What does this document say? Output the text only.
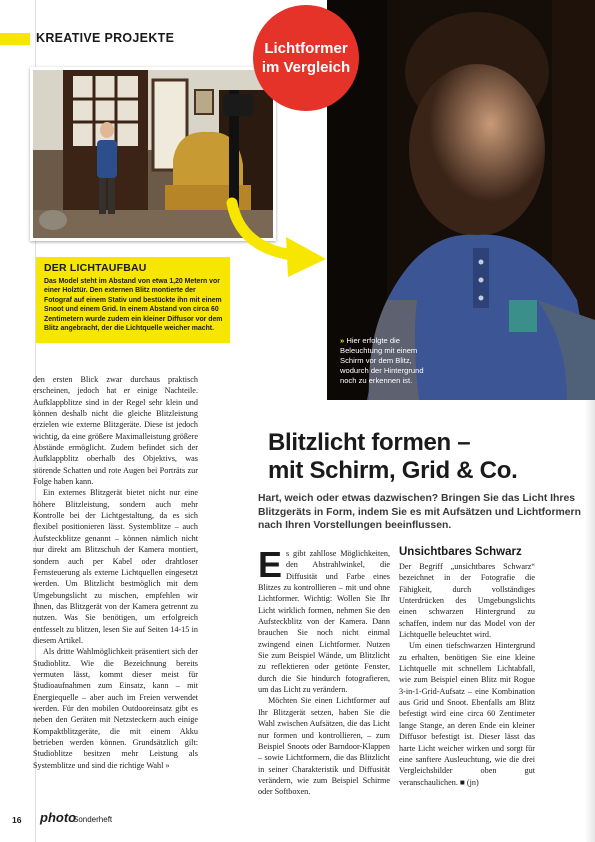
KREATIVE PROJEKTE
» Hier erfolgte die Beleuchtung mit einem Schirm vor dem Blitz, wodurch der Hintergrund noch zu erkennen ist.
Lichtformer
im Vergleich
DER LICHTAUFBAU
Das Model steht im Abstand von etwa 1,20 Metern vor einer Holztür. Den externen Blitz montierte der Fotograf auf einem Stativ und bestückte ihn mit einem Snoot und einem Grid. In einem Abstand von circa 60 Zentimetern wurde zudem ein kleiner Diffusor vor dem Blitz angebracht, der die Lichtquelle weicher macht.

den ersten Blick zwar durchaus praktisch erscheinen, jedoch hat er einige Nachteile. Aufklappblitze sind in der Regel sehr klein und können deshalb nicht die gleiche Blitzleistung erzielen wie externe Blitzgeräte. Diese ist jedoch wichtig, da eine größere Maximalleistung größere Abstände ermöglicht. Zudem befindet sich der Aufklappblitz oberhalb des Objektivs, was störende Schatten und rote Augen bei Porträts zur Folge haben kann.

Ein externes Blitzgerät bietet nicht nur eine höhere Blitzleistung, sondern auch mehr Kontrolle bei der Lichtgestaltung, da es sich flexibel positionieren lässt. Systemblitze – auch Aufsteckblitze genannt – können nämlich nicht nur direkt am Blitzschuh der Kamera montiert, sondern auch per Kabel oder drahtloser Fernsteuerung als externe Lichtquellen eingesetzt werden. Um Blitzlicht bestmöglich mit dem Umgebungslicht zu mischen, empfehlen wir Ihnen, das Blitzgerät von der Kamera getrennt zu nutzen. Was Sie benötigen, um erfolgreich entfesselt zu blitzen, lesen Sie auf Seiten 14-15 in diesem Artikel.

Als dritte Wahlmöglichkeit präsentiert sich der Studioblitz. Wie die Bezeichnung bereits vermuten lässt, kommt dieser meist für Studioaufnahmen zum Einsatz, kann – mit Energiequelle – aber auch im Freien verwendet werden. Für den mobilen Outdooreinsatz gibt es neben den Geräten mit Netzsteckern auch einige Kompaktblitzgeräte, die mit einem Akku betrieben werden können. Grundsätzlich gilt: Studioblitze besitzen mehr Leistung als Systemblitze und sind die richtige Wahl »

Blitzlicht formen –
mit Schirm, Grid & Co.
Hart, weich oder etwas dazwischen? Bringen Sie das Licht Ihres Blitzgeräts in Form, indem Sie es mit Aufsätzen und Lichtformern nach Ihren Vorstellungen beeinflussen.

Es gibt zahllose Möglichkeiten, den Abstrahlwinkel, die Diffusität und Farbe eines Blitzes zu kontrollieren – mit und ohne Lichtformer. Wichtig: Wollen Sie Ihr Licht wirklich formen, nehmen Sie den Aufsteckblitz von der Kamera. Dann brauchen Sie noch nicht einmal zwingend einen Lichtformer. Nutzen Sie zum Beispiel Wände, um Blitzlicht zu reflektieren oder getönte Fenster, durch die Sie hindurch fotografieren, um das Licht zu verändern.

Möchten Sie einen Lichtformer auf Ihr Blitzgerät setzen, haben Sie die Wahl zwischen Aufsätzen, die das Licht nur formen und kontrollieren, – zum Beispiel Snoots oder Barndoor-Klappen – sowie Lichtformern, die das Blitzlicht in seiner Charakteristik und Diffusität verändern, wie zum Beispiel Schirme oder Softboxen.

Unsichtbares Schwarz

Der Begriff „unsichtbares Schwarz“ bezeichnet in der Fotografie die Fähigkeit, durch vollständiges Unterdrücken des Umgebungslichts einen schwarzen Hintergrund zu schaffen, indem nur das Model von der Lichtquelle beleuchtet wird.

Um einen tiefschwarzen Hintergrund zu erhalten, benötigen Sie eine kleine Lichtquelle mit schnellem Lichtabfall, wie zum Beispiel einen Blitz mit Rogue 3-in-1-Grid-Aufsatz – eine Kombination aus Grid und Snoot. Ebenfalls am Blitz befestigt wird eine circa 60 Zentimeter lange Stange, an deren Ende ein kleiner Diffusor befestigt ist. Dieser lässt das harte Licht weicher wirken und sorgt für eine sanftere Ausleuchtung, wie die drei Vergleichsbilder oben gut veranschaulichen. ■ (jn)

16 photo
Sonderheft
